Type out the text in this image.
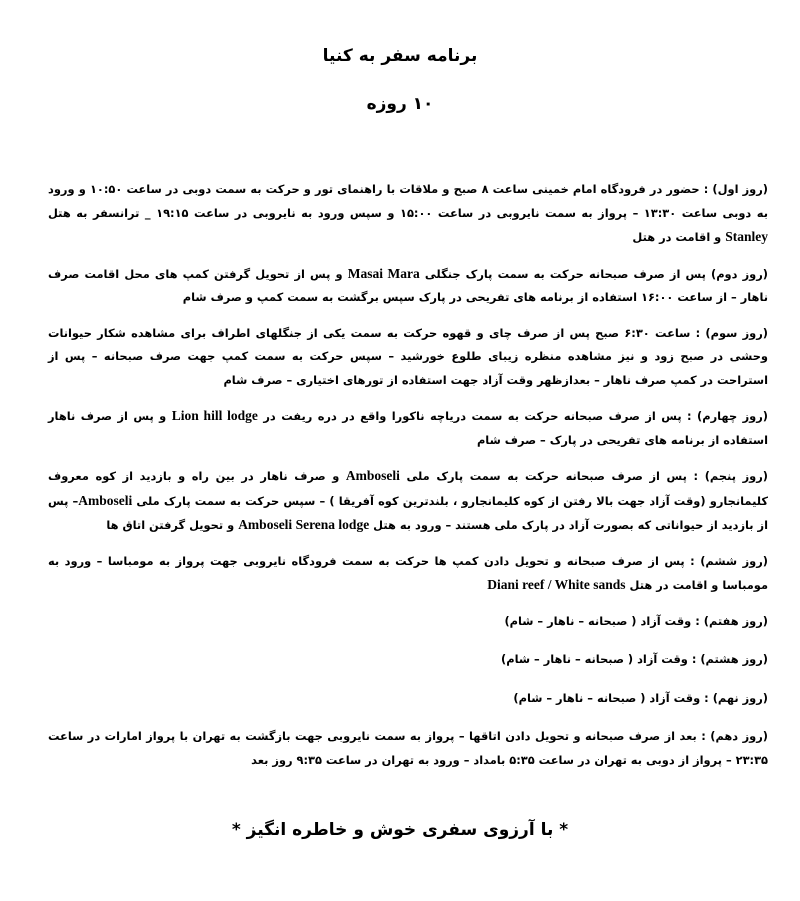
برنامه سفر به کنیا
۱۰ روزه

(روز اول) : حضور در فرودگاه امام خمینی ساعت ۸ صبح و ملاقات با راهنمای تور و حرکت به سمت دوبی در ساعت ۱۰:۵۰ و ورود به دوبی ساعت ۱۳:۳۰ – پرواز به سمت نایروبی در ساعت ۱۵:۰۰ و سپس ورود به نایروبی در ساعت ۱۹:۱۵ _ ترانسفر به هتل Stanley و اقامت در هتل

(روز دوم) پس از صرف صبحانه حرکت به سمت پارک جنگلی Masai Mara و پس از تحویل گرفتن کمپ های محل اقامت صرف ناهار – از ساعت ۱۶:۰۰ استفاده از برنامه های تفریحی در پارک سپس برگشت به سمت کمپ و صرف شام

(روز سوم) : ساعت ۶:۳۰ صبح پس از صرف چای و قهوه حرکت به سمت یکی از جنگلهای اطراف برای مشاهده شکار حیوانات وحشی در صبح زود و نیز مشاهده منظره زیبای طلوع خورشید – سپس حرکت به سمت کمپ جهت صرف صبحانه – پس از استراحت در کمپ صرف ناهار – بعدازظهر وقت آزاد جهت استفاده از تورهای اختیاری – صرف شام

(روز چهارم) : پس از صرف صبحانه حرکت به سمت دریاچه ناکورا واقع در دره ریفت در Lion hill lodge و پس از صرف ناهار استفاده از برنامه های تفریحی در پارک – صرف شام

(روز پنجم) : پس از صرف صبحانه حرکت به سمت پارک ملی Amboseli و صرف ناهار در بین راه و بازدید از کوه معروف کلیمانجارو (وقت آزاد جهت بالا رفتن از کوه کلیمانجارو ، بلندترین کوه آفریقا ) – سپس حرکت به سمت پارک ملی Amboseli– پس از بازدید از حیواناتی که بصورت آزاد در پارک ملی هستند – ورود به هتل Amboseli Serena lodge و تحویل گرفتن اتاق ها

(روز ششم) : پس از صرف صبحانه و تحویل دادن کمپ ها حرکت به سمت فرودگاه نایروبی جهت پرواز به مومباسا – ورود به مومباسا و اقامت در هتل Diani reef / White sands

(روز هفتم) : وقت آزاد ( صبحانه – ناهار – شام)

(روز هشتم) : وقت آزاد ( صبحانه – ناهار – شام)

(روز نهم) : وقت آزاد ( صبحانه – ناهار – شام)

(روز دهم) : بعد از صرف صبحانه و تحویل دادن اتاقها – پرواز به سمت نایروبی جهت بازگشت به تهران با پرواز امارات در ساعت ۲۳:۳۵ – پرواز از دوبی به تهران در ساعت ۵:۳۵ بامداد – ورود به تهران در ساعت ۹:۳۵ روز بعد

* با آرزوی سفری خوش و خاطره انگیز *
